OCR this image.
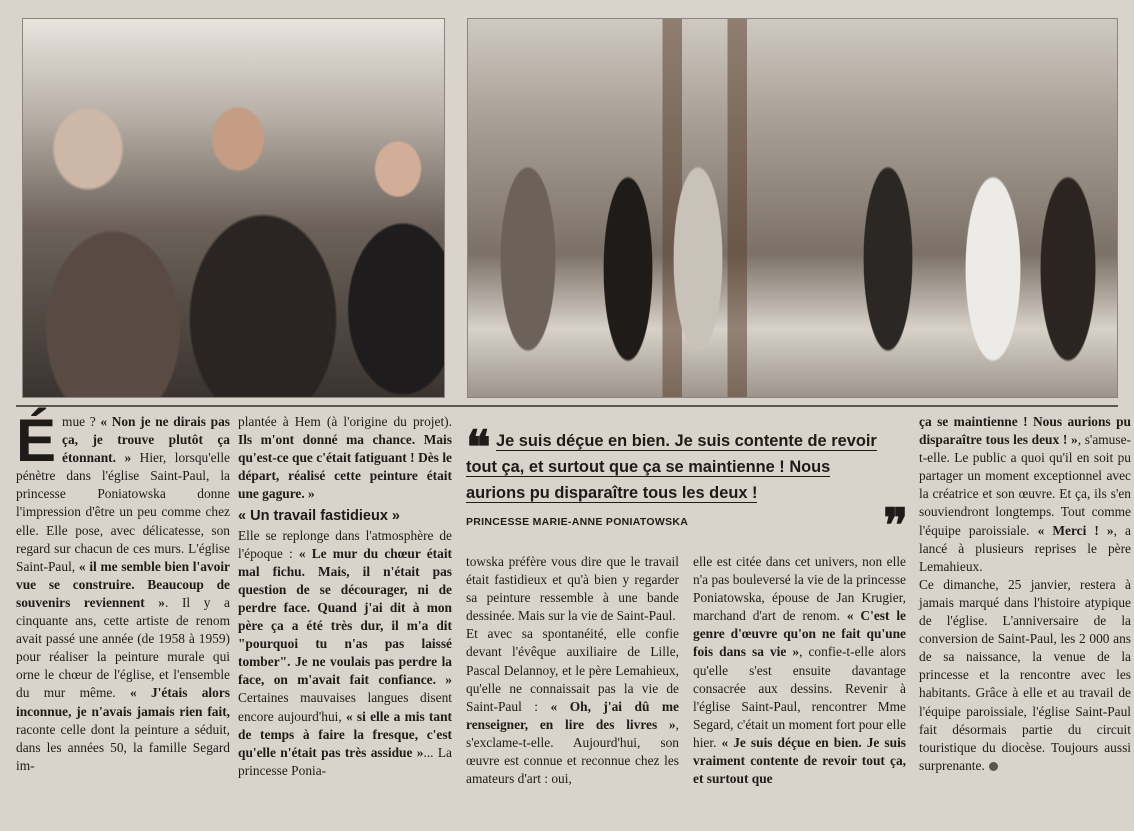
Émue ? « Non je ne dirais pas ça, je trouve plutôt ça étonnant. » Hier, lorsqu'elle pénètre dans l'église Saint-Paul, la princesse Poniatowska donne l'impression d'être un peu comme chez elle. Elle pose, avec délicatesse, son regard sur chacun de ces murs. L'église Saint-Paul, « il me semble bien l'avoir vue se construire. Beaucoup de souvenirs reviennent ». Il y a cinquante ans, cette artiste de renom avait passé une année (de 1958 à 1959) pour réaliser la peinture murale qui orne le chœur de l'église, et l'ensemble du mur même. « J'étais alors inconnue, je n'avais jamais rien fait, raconte celle dont la peinture a séduit, dans les années 50, la famille Segard im-

plantée à Hem (à l'origine du projet). Ils m'ont donné ma chance. Mais qu'est-ce que c'était fatiguant ! Dès le départ, réalisé cette peinture était une gagure. »

« Un travail fastidieux »

Elle se replonge dans l'atmosphère de l'époque : « Le mur du chœur était mal fichu. Mais, il n'était pas question de se décourager, ni de perdre face. Quand j'ai dit à mon père ça a été très dur, il m'a dit "pourquoi tu n'as pas laissé tomber". Je ne voulais pas perdre la face, on m'avait fait confiance. » Certaines mauvaises langues disent encore aujourd'hui, « si elle a mis tant de temps à faire la fresque, c'est qu'elle n'était pas très assidue »... La princesse Ponia-

❝ Je suis déçue en bien. Je suis contente de revoir tout ça, et surtout que ça se maintienne ! Nous aurions pu disparaître tous les deux !
PRINCESSE MARIE-ANNE PONIATOWSKA	❞

towska préfère vous dire que le travail était fastidieux et qu'à bien y regarder sa peinture ressemble à une bande dessinée. Mais sur la vie de Saint-Paul.

Et avec sa spontanéité, elle confie devant l'évêque auxiliaire de Lille, Pascal Delannoy, et le père Lemahieux, qu'elle ne connaissait pas la vie de Saint-Paul : « Oh, j'ai dû me renseigner, en lire des livres », s'exclame-t-elle. Aujourd'hui, son œuvre est connue et reconnue chez les amateurs d'art : oui,

elle est citée dans cet univers, non elle n'a pas bouleversé la vie de la princesse Poniatowska, épouse de Jan Krugier, marchand d'art de renom. « C'est le genre d'œuvre qu'on ne fait qu'une fois dans sa vie », confie-t-elle alors qu'elle s'est ensuite davantage consacrée aux dessins. Revenir à l'église Saint-Paul, rencontrer Mme Segard, c'était un moment fort pour elle hier. « Je suis déçue en bien. Je suis vraiment contente de revoir tout ça, et surtout que

ça se maintienne ! Nous aurions pu disparaître tous les deux ! », s'amuse-t-elle. Le public a quoi qu'il en soit pu partager un moment exceptionnel avec la créatrice et son œuvre. Et ça, ils s'en souviendront longtemps. Tout comme l'équipe paroissiale. « Merci ! », a lancé à plusieurs reprises le père Lemahieux.

Ce dimanche, 25 janvier, restera à jamais marqué dans l'histoire atypique de l'église. L'anniversaire de la conversion de Saint-Paul, les 2 000 ans de sa naissance, la venue de la princesse et la rencontre avec les habitants. Grâce à elle et au travail de l'équipe paroissiale, l'église Saint-Paul fait désormais partie du circuit touristique du diocèse. Toujours aussi surprenante.
